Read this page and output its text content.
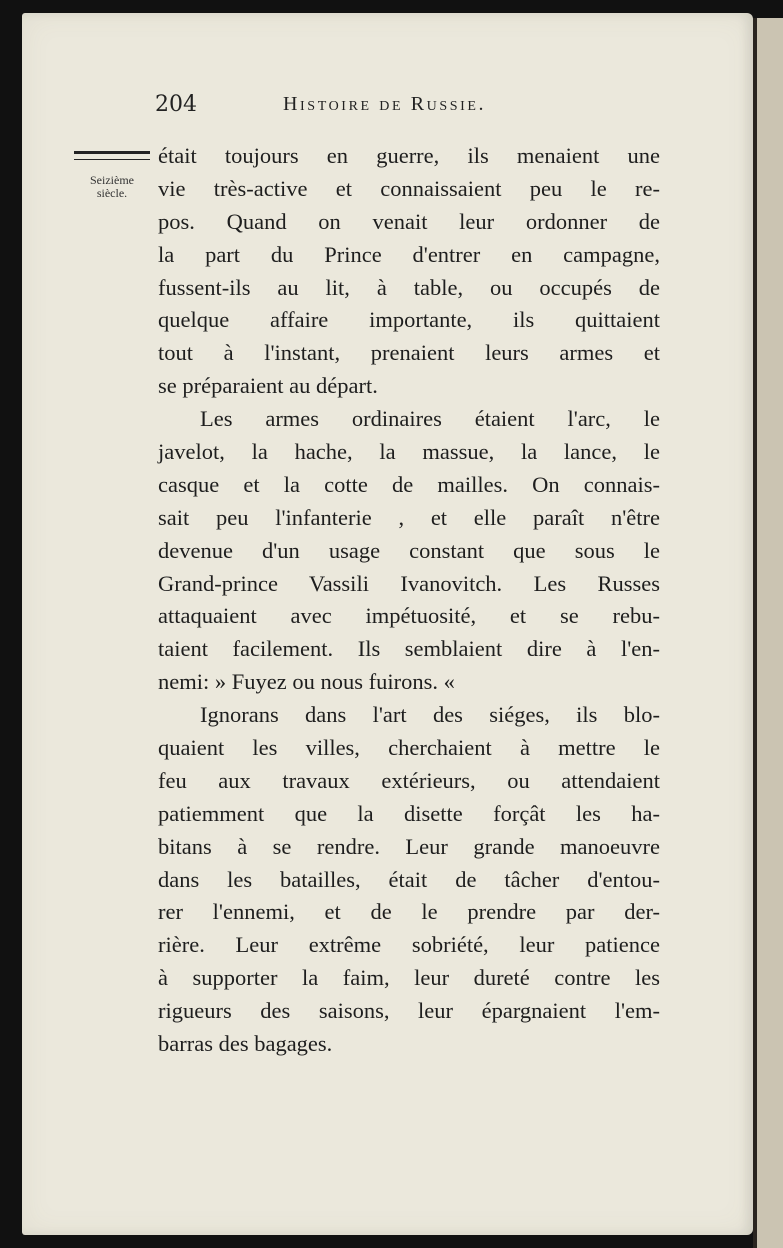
204	Histoire de Russie.
Seizième
siècle.
était toujours en guerre, ils menaient une
vie très-active et connaissaient peu le re-
pos. Quand on venait leur ordonner de
la part du Prince d'entrer en campagne,
fussent-ils au lit, à table, ou occupés de
quelque affaire importante, ils quittaient
tout à l'instant, prenaient leurs armes et
se préparaient au départ.
Les armes ordinaires étaient l'arc, le
javelot, la hache, la massue, la lance, le
casque et la cotte de mailles. On connais-
sait peu l'infanterie , et elle paraît n'être
devenue d'un usage constant que sous le
Grand-prince Vassili Ivanovitch. Les Russes
attaquaient avec impétuosité, et se rebu-
taient facilement. Ils semblaient dire à l'en-
nemi: » Fuyez ou nous fuirons. «
Ignorans dans l'art des siéges, ils blo-
quaient les villes, cherchaient à mettre le
feu aux travaux extérieurs, ou attendaient
patiemment que la disette forçât les ha-
bitans à se rendre. Leur grande manoeuvre
dans les batailles, était de tâcher d'entou-
rer l'ennemi, et de le prendre par der-
rière. Leur extrême sobriété, leur patience
à supporter la faim, leur dureté contre les
rigueurs des saisons, leur épargnaient l'em-
barras des bagages.
